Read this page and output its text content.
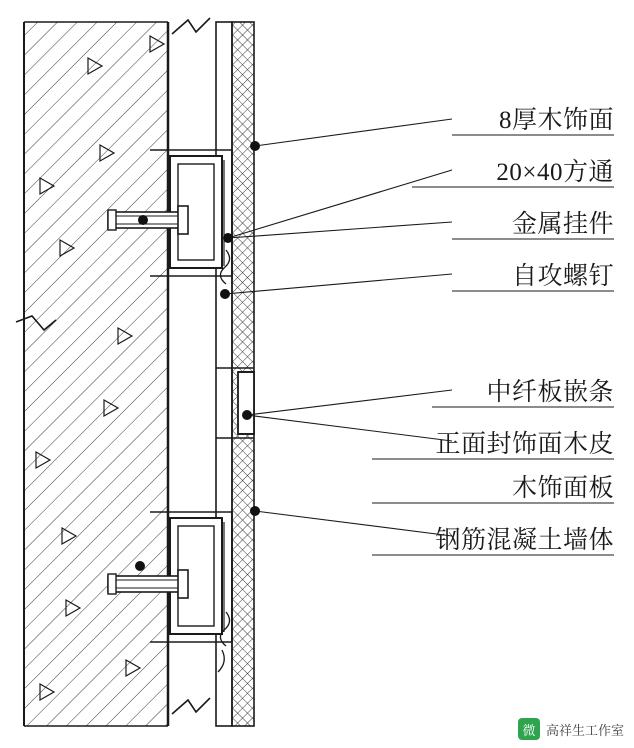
8厚木饰面
20×40方通
金属挂件
自攻螺钉
中纤板嵌条
正面封饰面木皮
木饰面板
钢筋混凝土墙体
微 高祥生工作室
